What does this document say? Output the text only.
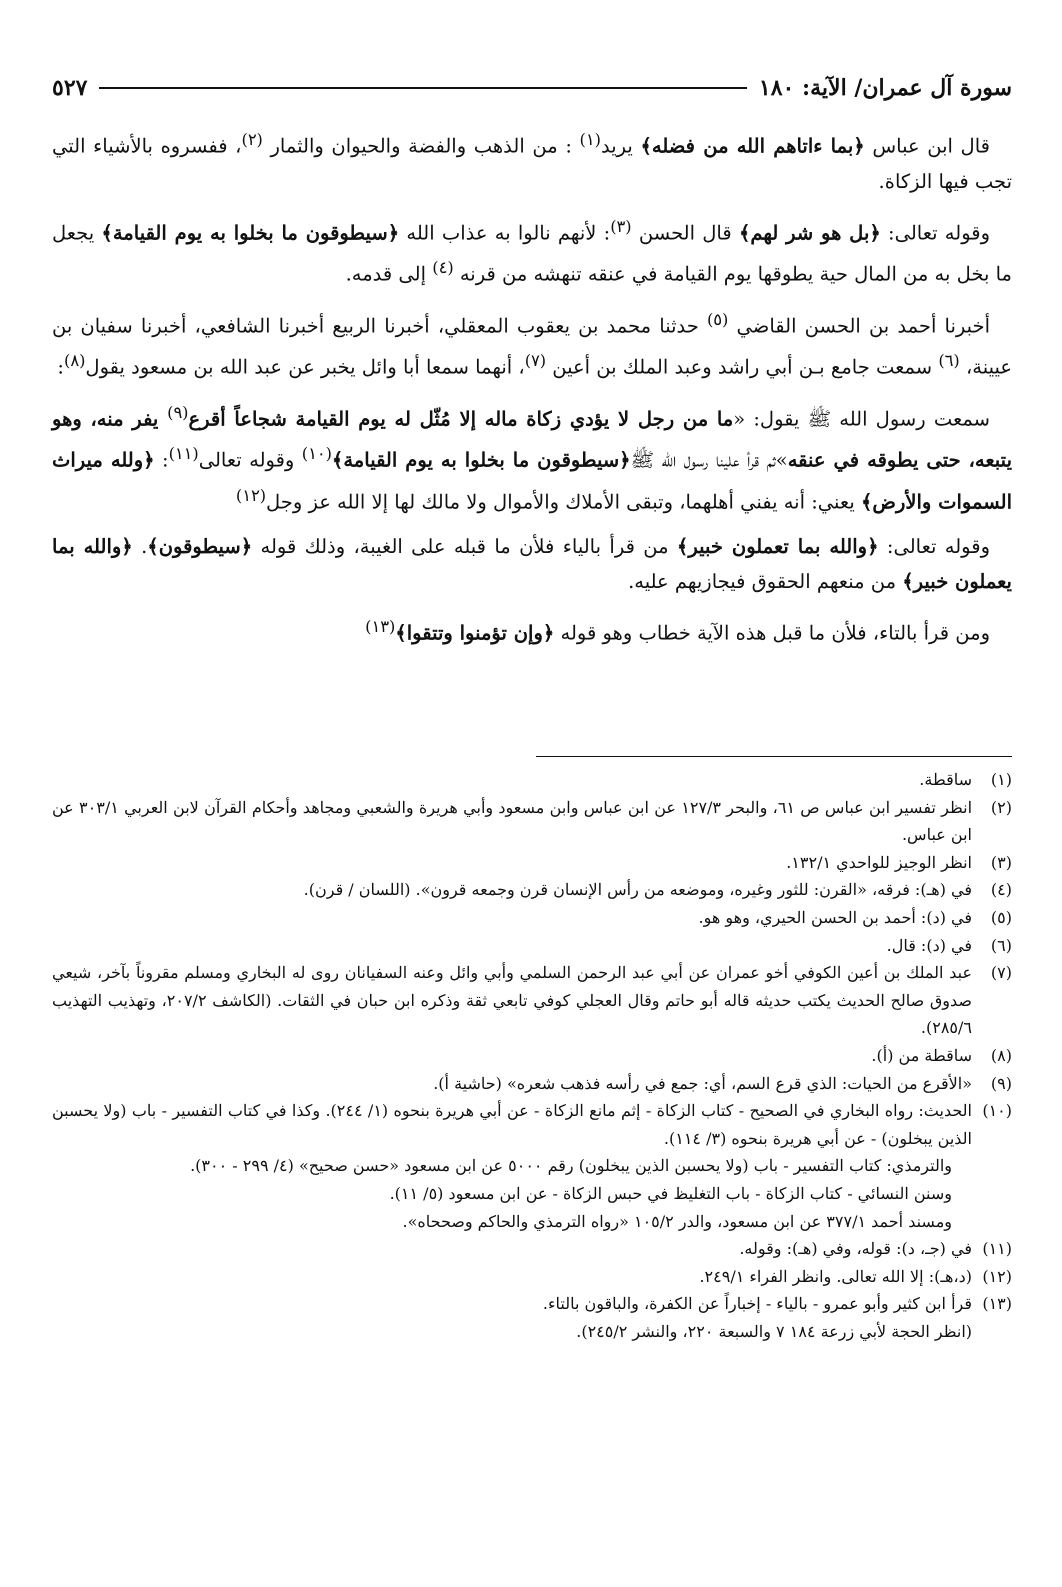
سورة آل عمران/ الآية: ١٨٠
٥٢٧

قال ابن عباس ﴿بما ءاتاهم الله من فضله﴾ يريد$^{(١)}$ : من الذهب والفضة والحيوان والثمار $^{(٢)}$، ففسروه بالأشياء التي تجب فيها الزكاة.

وقوله تعالى: ﴿بل هو شر لهم﴾ قال الحسن $^{(٣)}$: لأنهم نالوا به عذاب الله ﴿سيطوقون ما بخلوا به يوم القيامة﴾ يجعل ما بخل به من المال حية يطوقها يوم القيامة في عنقه تنهشه من قرنه $^{(٤)}$ إلى قدمه.

أخبرنا أحمد بن الحسن القاضي $^{(٥)}$ حدثنا محمد بن يعقوب المعقلي، أخبرنا الربيع أخبرنا الشافعي، أخبرنا سفيان بن عيينة، $^{(٦)}$ سمعت جامع بـن أبي راشد وعبد الملك بن أعين $^{(٧)}$، أنهما سمعا أبا وائل يخبر عن عبد الله بن مسعود يقول$^{(٨)}$:

سمعت رسول الله ﷺ يقول: «ما من رجل لا يؤدي زكاة ماله إلا مُثّل له يوم القيامة شجاعاً أقرع$^{(٩)}$ يفر منه، وهو يتبعه، حتى يطوقه في عنقه»ثم قرأ علينا رسول الله ﷺ﴿سيطوقون ما بخلوا به يوم القيامة﴾$^{(١٠)}$ وقوله تعالى$^{(١١)}$: ﴿ولله ميراث السموات والأرض﴾ يعني: أنه يفني أهلهما، وتبقى الأملاك والأموال ولا مالك لها إلا الله عز وجل$^{(١٢)}$

وقوله تعالى: ﴿والله بما تعملون خبير﴾ من قرأ بالياء فلأن ما قبله على الغيبة، وذلك قوله ﴿سيطوقون﴾. ﴿والله بما يعملون خبير﴾ من منعهم الحقوق فيجازيهم عليه.

ومن قرأ بالتاء، فلأن ما قبل هذه الآية خطاب وهو قوله ﴿وإن تؤمنوا وتتقوا﴾$^{(١٣)}$

(١)ساقطة.

(٢)انظر تفسير ابن عباس ص ٦١، والبحر ١٢٧/٣ عن ابن عباس وابن مسعود وأبي هريرة والشعبي ومجاهد وأحكام القرآن لابن العربي ٣٠٣/١ عن ابن عباس.

(٣)انظر الوجيز للواحدي ١٣٢/١.

(٤)في (هـ): فرقه، «القرن: للثور وغيره، وموضعه من رأس الإنسان قرن وجمعه قرون». (اللسان / قرن).

(٥)في (د): أحمد بن الحسن الحيري، وهو هو.

(٦)في (د): قال.

(٧)عبد الملك بن أعين الكوفي أخو عمران عن أبي عبد الرحمن السلمي وأبي وائل وعنه السفيانان روى له البخاري ومسلم مقروناً بآخر، شيعي صدوق صالح الحديث يكتب حديثه قاله أبو حاتم وقال العجلي كوفي تابعي ثقة وذكره ابن حبان في الثقات. (الكاشف ٢٠٧/٢، وتهذيب التهذيب ٢٨٥/٦).

(٨)ساقطة من (أ).

(٩)«الأقرع من الحيات: الذي قرع السم، أي: جمع في رأسه فذهب شعره» (حاشية أ).

(١٠)الحديث: رواه البخاري في الصحيح - كتاب الزكاة - إثم مانع الزكاة - عن أبي هريرة بنحوه (١/ ٢٤٤). وكذا في كتاب التفسير - باب (ولا يحسبن الذين يبخلون) - عن أبي هريرة بنحوه (٣/ ١١٤).

والترمذي: كتاب التفسير - باب (ولا يحسبن الذين يبخلون) رقم ٥٠٠٠ عن ابن مسعود «حسن صحيح» (٤/ ٢٩٩ - ٣٠٠).

وسنن النسائي - كتاب الزكاة - باب التغليظ في حبس الزكاة - عن ابن مسعود (٥/ ١١).

ومسند أحمد ٣٧٧/١ عن ابن مسعود، والدر ١٠٥/٢ «رواه الترمذي والحاكم وصححاه».

(١١)في (جـ، د): قوله، وفي (هـ): وقوله.

(١٢)(د،هـ): إلا الله تعالى. وانظر الفراء ٢٤٩/١.

(١٣)قرأ ابن كثير وأبو عمرو - بالياء - إخباراً عن الكفرة، والباقون بالتاء.

(انظر الحجة لأبي زرعة ١٨٤ ٧ والسبعة ٢٢٠، والنشر ٢٤٥/٢).
